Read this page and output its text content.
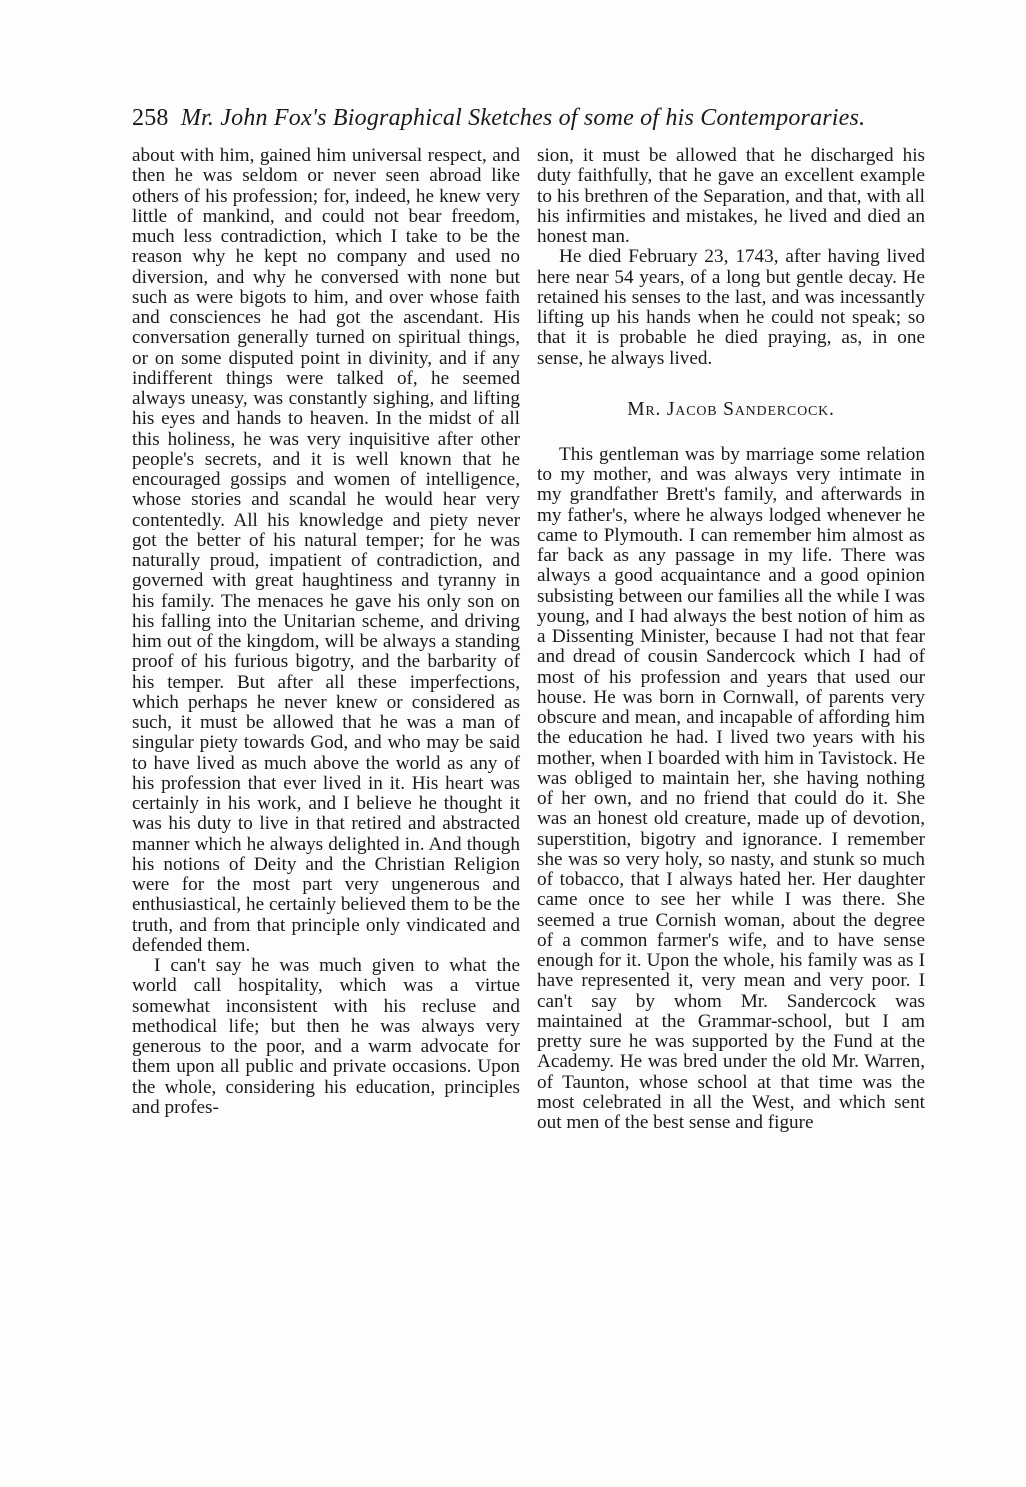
258 Mr. John Fox's Biographical Sketches of some of his Contemporaries.

about with him, gained him universal respect, and then he was seldom or never seen abroad like others of his profession; for, indeed, he knew very little of mankind, and could not bear freedom, much less contradiction, which I take to be the reason why he kept no company and used no diversion, and why he conversed with none but such as were bigots to him, and over whose faith and consciences he had got the ascendant. His conversation generally turned on spiritual things, or on some disputed point in divinity, and if any indifferent things were talked of, he seemed always uneasy, was constantly sighing, and lifting his eyes and hands to heaven. In the midst of all this holiness, he was very inquisitive after other people's secrets, and it is well known that he encouraged gossips and women of intelligence, whose stories and scandal he would hear very contentedly. All his knowledge and piety never got the better of his natural temper; for he was naturally proud, impatient of contradiction, and governed with great haughtiness and tyranny in his family. The menaces he gave his only son on his falling into the Unitarian scheme, and driving him out of the kingdom, will be always a standing proof of his furious bigotry, and the barbarity of his temper. But after all these imperfections, which perhaps he never knew or considered as such, it must be allowed that he was a man of singular piety towards God, and who may be said to have lived as much above the world as any of his profession that ever lived in it. His heart was certainly in his work, and I believe he thought it was his duty to live in that retired and abstracted manner which he always delighted in. And though his notions of Deity and the Christian Religion were for the most part very ungenerous and enthusiastical, he certainly believed them to be the truth, and from that principle only vindicated and defended them.

I can't say he was much given to what the world call hospitality, which was a virtue somewhat inconsistent with his recluse and methodical life; but then he was always very generous to the poor, and a warm advocate for them upon all public and private occasions. Upon the whole, considering his education, principles and profes-

sion, it must be allowed that he discharged his duty faithfully, that he gave an excellent example to his brethren of the Separation, and that, with all his infirmities and mistakes, he lived and died an honest man.

He died February 23, 1743, after having lived here near 54 years, of a long but gentle decay. He retained his senses to the last, and was incessantly lifting up his hands when he could not speak; so that it is probable he died praying, as, in one sense, he always lived.

Mr. Jacob Sandercock.

This gentleman was by marriage some relation to my mother, and was always very intimate in my grandfather Brett's family, and afterwards in my father's, where he always lodged whenever he came to Plymouth. I can remember him almost as far back as any passage in my life. There was always a good acquaintance and a good opinion subsisting between our families all the while I was young, and I had always the best notion of him as a Dissenting Minister, because I had not that fear and dread of cousin Sandercock which I had of most of his profession and years that used our house. He was born in Cornwall, of parents very obscure and mean, and incapable of affording him the education he had. I lived two years with his mother, when I boarded with him in Tavistock. He was obliged to maintain her, she having nothing of her own, and no friend that could do it. She was an honest old creature, made up of devotion, superstition, bigotry and ignorance. I remember she was so very holy, so nasty, and stunk so much of tobacco, that I always hated her. Her daughter came once to see her while I was there. She seemed a true Cornish woman, about the degree of a common farmer's wife, and to have sense enough for it. Upon the whole, his family was as I have represented it, very mean and very poor. I can't say by whom Mr. Sandercock was maintained at the Grammar-school, but I am pretty sure he was supported by the Fund at the Academy. He was bred under the old Mr. Warren, of Taunton, whose school at that time was the most celebrated in all the West, and which sent out men of the best sense and figure
